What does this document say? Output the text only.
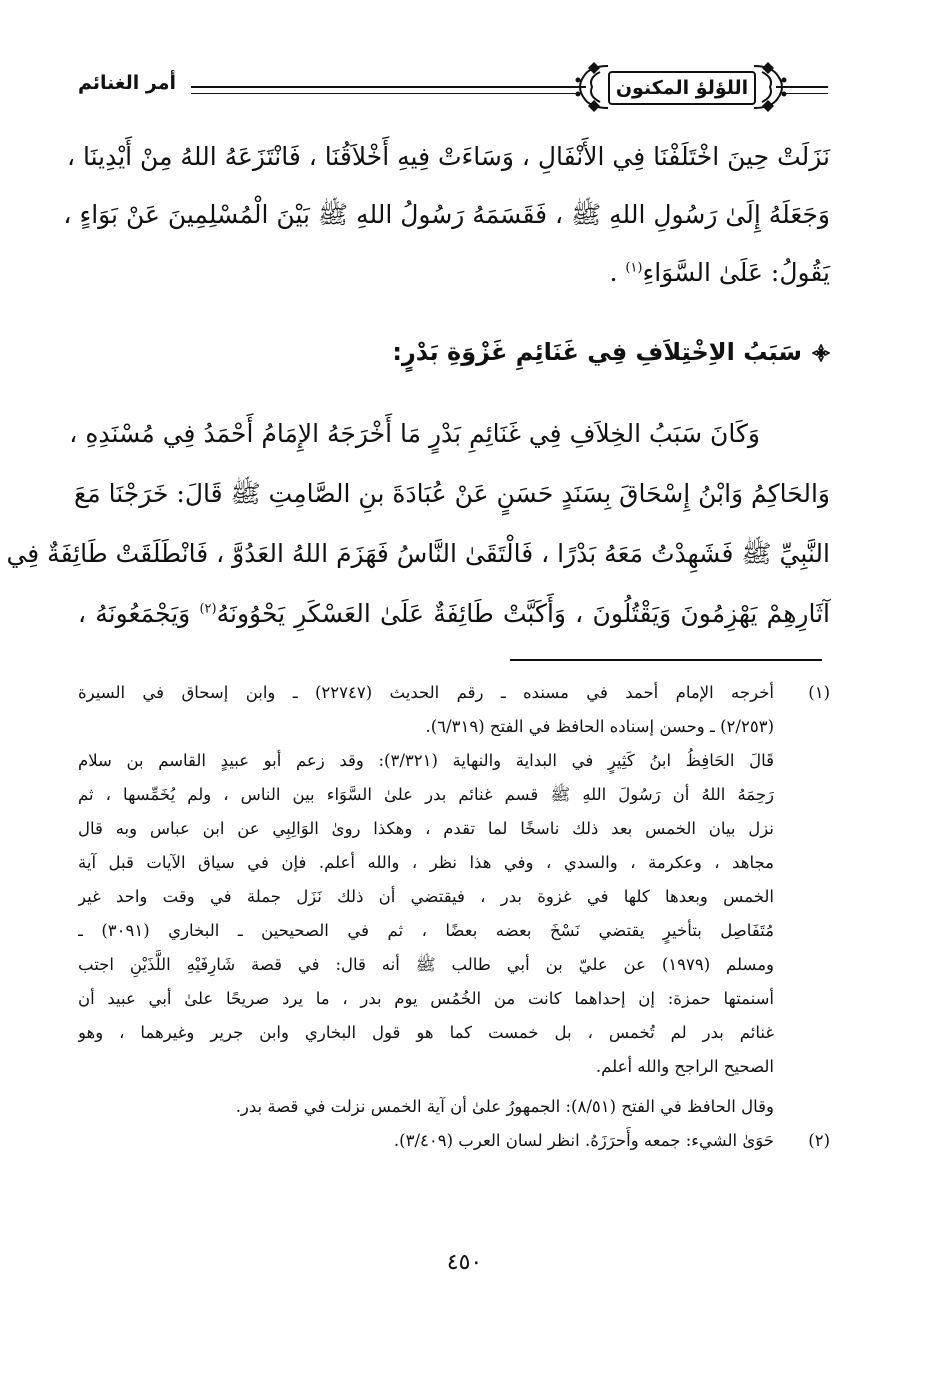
أمر الغنائم	اللؤلؤ المكنون
نَزَلَتْ حِينَ اخْتَلَفْنَا فِي الأَنْفَالِ ، وَسَاءَتْ فِيهِ أَخْلاَقُنَا ، فَانْتَزَعَهُ اللهُ مِنْ أَيْدِينَا ،
وَجَعَلَهُ إِلَىٰ رَسُولِ اللهِ ﷺ ، فَقَسَمَهُ رَسُولُ اللهِ ﷺ بَيْنَ الْمُسْلِمِينَ عَنْ بَوَاءٍ ،
يَقُولُ: عَلَىٰ السَّوَاءِ$^{(١)}$ .
سَبَبُ الاِخْتِلاَفِ فِي غَنَائِمِ غَزْوَةِ بَدْرٍ:
وَكَانَ سَبَبُ الخِلاَفِ فِي غَنَائِمِ بَدْرٍ مَا أَخْرَجَهُ الإِمَامُ أَحْمَدُ فِي مُسْنَدِهِ ،
وَالحَاكِمُ وَابْنُ إِسْحَاقَ بِسَنَدٍ حَسَنٍ عَنْ عُبَادَةَ بنِ الصَّامِتِ ﷺ قَالَ: خَرَجْنَا مَعَ
النَّبِيِّ ﷺ فَشَهِدْتُ مَعَهُ بَدْرًا ، فَالْتَقَىٰ النَّاسُ فَهَزَمَ اللهُ العَدُوَّ ، فَانْطَلَقَتْ طَائِفَةٌ فِي
آثَارِهِمْ يَهْزِمُونَ وَيَقْتُلُونَ ، وَأَكَبَّتْ طَائِفَةٌ عَلَىٰ العَسْكَرِ يَحْوُونَهُ$^{(٢)}$ وَيَجْمَعُونَهُ ،
(١)
أخرجه الإمام أحمد في مسنده ـ رقم الحديث (٢٢٧٤٧) ـ وابن إسحاق في السيرة
(٢/٢٥٣) ـ وحسن إسناده الحافظ في الفتح (٦/٣١٩).
قَالَ الحَافِظُ ابنُ كَثِيرٍ في البداية والنهاية (٣/٣٢١): وقد زعم أبو عبيدٍ القاسم بن سلام
رَحِمَهُ اللهُ أن رَسُولَ اللهِ ﷺ قسم غنائم بدر علىٰ السَّوَاء بين الناس ، ولم يُخَمِّسها ، ثم
نزل بيان الخمس بعد ذلك ناسخًا لما تقدم ، وهكذا روىٰ الوَالِبِي عن ابن عباس وبه قال
مجاهد ، وعكرمة ، والسدي ، وفي هذا نظر ، والله أعلم. فإن في سياق الآيات قبل آية
الخمس وبعدها كلها في غزوة بدر ، فيقتضي أن ذلك نَزَل جملة في وقت واحد غير
مُتَفَاصِل بتأخيرٍ يقتضي نَسْخَ بعضه بعضًا ، ثم في الصحيحين ـ البخاري (٣٠٩١) ـ
ومسلم (١٩٧٩) عن عليّ بن أبي طالب ﷺ أنه قال: في قصة شَارِفَيْهِ اللَّذَيْنِ اجتب
أسنمتها حمزة: إن إحداهما كانت من الخُمُس يوم بدر ، ما يرد صريحًا علىٰ أبي عبيد أن
غنائم بدر لم تُخمس ، بل خمست كما هو قول البخاري وابن جرير وغيرهما ، وهو
الصحيح الراجح والله أعلم.
وقال الحافظ في الفتح (٨/٥١): الجمهورُ علىٰ أن آية الخمس نزلت في قصة بدر.
(٢)
حَوَىٰ الشيء: جمعه وأَحرَزَهُ. انظر لسان العرب (٣/٤٠٩).
٤٥٠
